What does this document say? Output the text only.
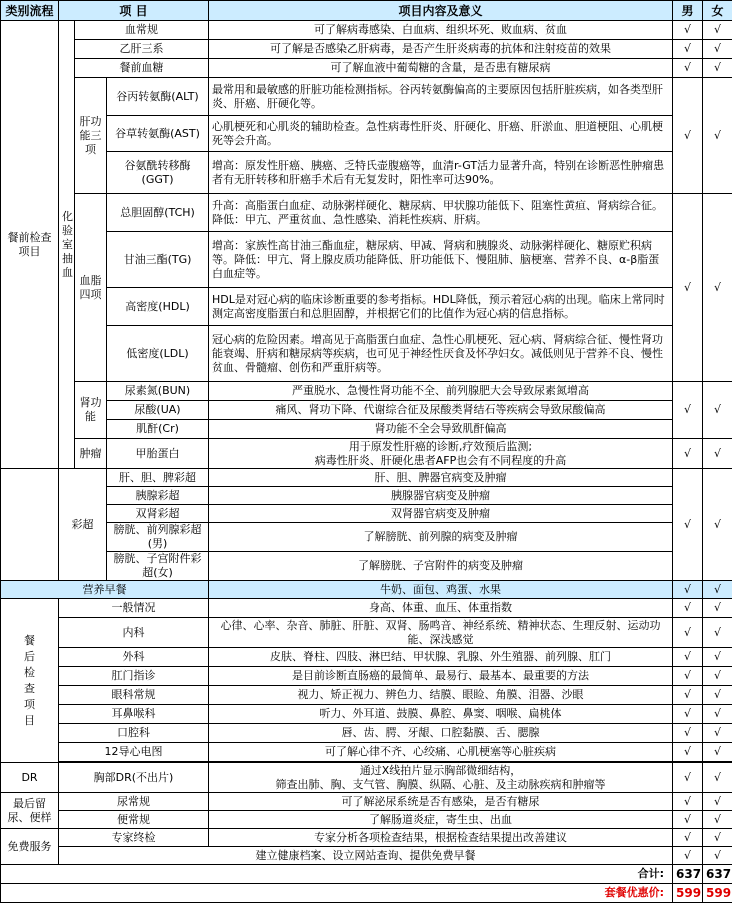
类别流程	项 目			项目内容及意义	男	女
餐前检查项目	化验室抽血	血常规		可了解病毒感染、白血病、组织坏死、败血病、贫血	√	√
		乙肝三系		可了解是否感染乙肝病毒，是否产生肝炎病毒的抗体和注射疫苗的效果	√	√
		餐前血糖		可了解血液中葡萄糖的含量，是否患有糖尿病	√	√
		肝功能三项	谷丙转氨酶(ALT)	最常用和最敏感的肝脏功能检测指标。谷丙转氨酶偏高的主要原因包括肝脏疾病，如各类型肝炎、肝癌、肝硬化等。	√	√
			谷草转氨酶(AST)	心肌梗死和心肌炎的辅助检查。急性病毒性肝炎、肝硬化、肝癌、肝淤血、胆道梗阻、心肌梗死等会升高。		
			谷氨酰转移酶(GGT)	增高：原发性肝癌、胰癌、乏特氏壶腹癌等，血清r-GT活力显著升高，特别在诊断恶性肿瘤患者有无肝转移和肝癌手术后有无复发时，阳性率可达90%。		
		血脂四项	总胆固醇(TCH)	升高：高脂蛋白血症、动脉粥样硬化、糖尿病、甲状腺功能低下、阻塞性黄疸、肾病综合征。降低：甲亢、严重贫血、急性感染、消耗性疾病、肝病。	√	√
			甘油三酯(TG)	增高：家族性高甘油三酯血症，糖尿病、甲减、肾病和胰腺炎、动脉粥样硬化、糖原贮积病等。降低：甲亢、肾上腺皮质功能降低、肝功能低下、慢阻肺、脑梗塞、营养不良、α-β脂蛋白血症等。		
			高密度(HDL)	HDL是对冠心病的临床诊断重要的参考指标。HDL降低，预示着冠心病的出现。临床上常同时测定高密度脂蛋白和总胆固醇，并根据它们的比值作为冠心病的信息指标。		
			低密度(LDL)	冠心病的危险因素。增高见于高脂蛋白血症、急性心肌梗死、冠心病、肾病综合征、慢性肾功能衰竭、肝病和糖尿病等疾病，也可见于神经性厌食及怀孕妇女。减低则见于营养不良、慢性贫血、骨髓瘤、创伤和严重肝病等。		
		肾功能	尿素氮(BUN)	严重脱水、急慢性肾功能不全、前列腺肥大会导致尿素氮增高	√	√
			尿酸(UA)	痛风、肾功下降、代谢综合征及尿酸类肾结石等疾病会导致尿酸偏高		
			肌酐(Cr)	肾功能不全会导致肌酐偏高		
		肿瘤	甲胎蛋白	用于原发性肝癌的诊断,疗效预后监测;
病毒性肝炎、肝硬化患者AFP也会有不同程度的升高	√	√
	彩超	肝、胆、脾彩超	肝、胆、脾器官病变及肿瘤	√	√
		胰腺彩超	胰腺器官病变及肿瘤		
		双肾彩超	双肾器官病变及肿瘤		
		膀胱、前列腺彩超(男)	了解膀胱、前列腺的病变及肿瘤		
		膀胱、子宫附件彩超(女)	了解膀胱、子宫附件的病变及肿瘤		
营养早餐			牛奶、面包、鸡蛋、水果	√	√
餐后检查项目	一般情况		身高、体重、血压、体重指数	√	√
	内科		心律、心率、杂音、肺脏、肝脏、双肾、肠鸣音、神经系统、精神状态、生理反射、运动功能、深浅感觉	√	√
	外科		皮肤、脊柱、四肢、淋巴结、甲状腺、乳腺、外生殖器、前列腺、肛门	√	√
	肛门指诊		是目前诊断直肠癌的最简单、最易行、最基本、最重要的方法	√	√
	眼科常规		视力、矫正视力、辨色力、结膜、眼睑、角膜、泪器、沙眼	√	√
	耳鼻喉科		听力、外耳道、鼓膜、鼻腔、鼻窦、咽喉、扁桃体	√	√
	口腔科		唇、齿、腭、牙龈、口腔黏膜、舌、腮腺	√	√
	12导心电图		可了解心律不齐、心绞痛、心肌梗塞等心脏疾病	√	√

DR	胸部DR(不出片)		通过X线拍片显示胸部微细结构，
筛查出肺、胸、支气管、胸膜、纵隔、心脏、及主动脉疾病和肿瘤等	√	√
最后留尿、便样	尿常规		可了解泌尿系统是否有感染，是否有糖尿	√	√
	便常规		了解肠道炎症，寄生虫、出血	√	√
免费服务	专家终检		专家分析各项检查结果，根据检查结果提出改善建议	√	√
	建立健康档案、设立网站查询、提供免费早餐			√	√
合计:				637	637
套餐优惠价:				599	599
